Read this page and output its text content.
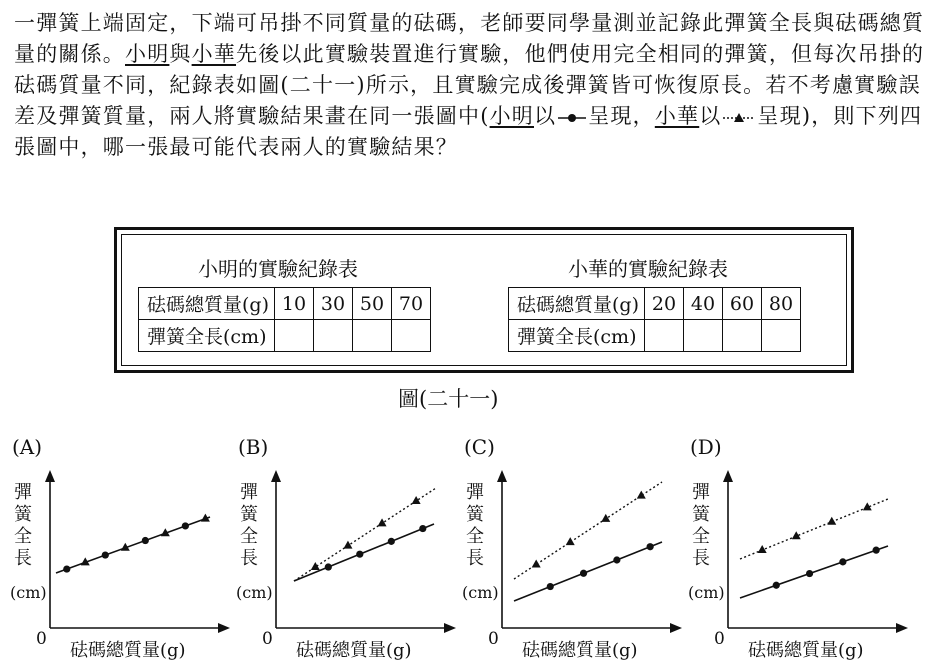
一彈簧上端固定，下端可吊掛不同質量的砝碼，老師要同學量測並記錄此彈簧全長與砝碼總質量的關係。小明與小華先後以此實驗裝置進行實驗，他們使用完全相同的彈簧，但每次吊掛的砝碼質量不同，紀錄表如圖(二十一)所示，且實驗完成後彈簧皆可恢復原長。若不考慮實驗誤差及彈簧質量，兩人將實驗結果畫在同一張圖中(小明以 呈現，小華以 呈現)，則下列四張圖中，哪一張最可能代表兩人的實驗結果？
小明的實驗紀錄表	小華的實驗紀錄表
砝碼總質量(g)	10	30	50	70
彈簧全長(cm)				
砝碼總質量(g)	20	40	60	80
彈簧全長(cm)				
圖(二十一)
(A)
0
彈
簧
全
長
(cm)
砝碼總質量(g)
(B)
0
彈
簧
全
長
(cm)
砝碼總質量(g)
(C)
0
彈
簧
全
長
(cm)
砝碼總質量(g)
(D)
0
彈
簧
全
長
(cm)
砝碼總質量(g)
